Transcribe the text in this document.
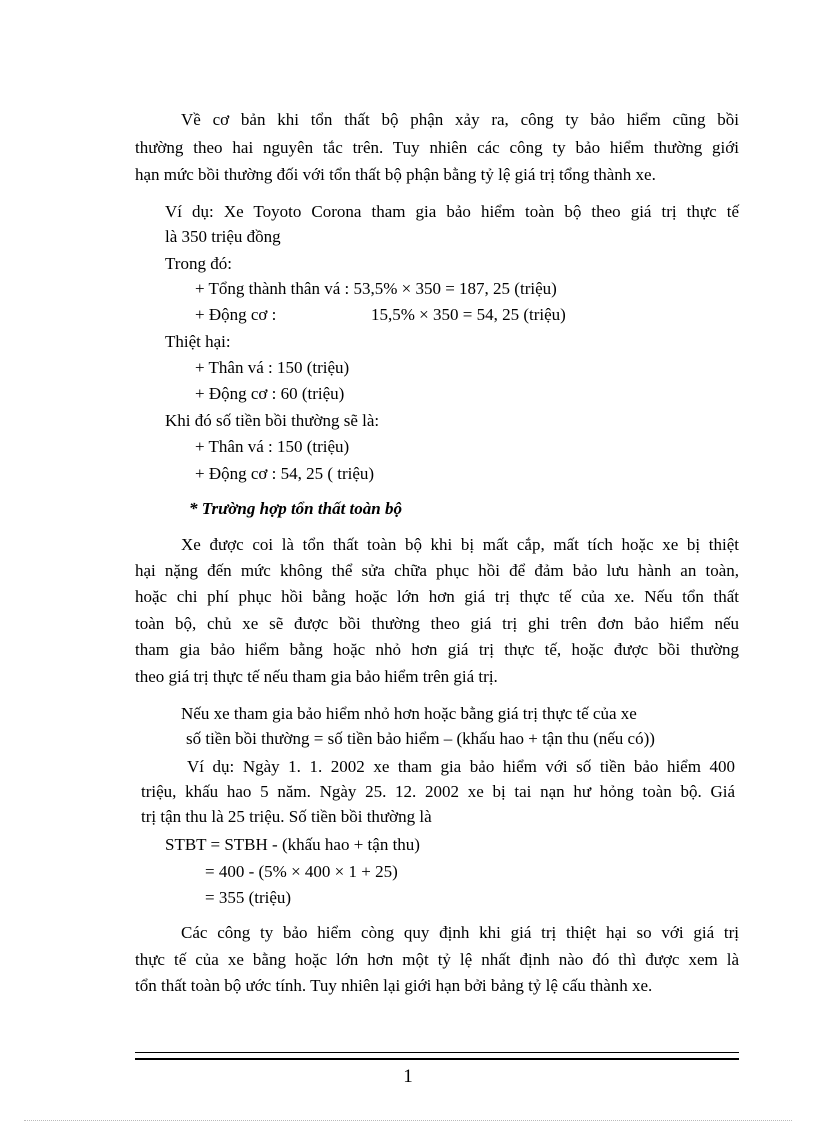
Về cơ bản khi tổn thất bộ phận xảy ra, công ty bảo hiểm cũng bồi
thường theo hai nguyên tắc trên. Tuy nhiên các công ty bảo hiểm thường giới
hạn mức bồi thường đối với tổn thất bộ phận bằng tỷ lệ giá trị tổng thành xe.
Ví dụ: Xe Toyoto Corona tham gia bảo hiểm toàn bộ theo giá trị thực tế
là 350 triệu đồng
Trong đó:
+ Tổng thành thân vá : 53,5% × 350 = 187, 25 (triệu)
+ Động cơ :	15,5% × 350 = 54, 25 (triệu)
Thiệt hại:
+ Thân vá : 150 (triệu)
+ Động cơ : 60 (triệu)
Khi đó số tiền bồi thường sẽ là:
+ Thân vá : 150 (triệu)
+ Động cơ : 54, 25 ( triệu)
* Trường hợp tổn thất toàn bộ
Xe được coi là tổn thất toàn bộ khi bị mất cắp, mất tích hoặc xe bị thiệt
hại nặng đến mức không thể sửa chữa phục hồi để đảm bảo lưu hành an toàn,
hoặc chi phí phục hồi bằng hoặc lớn hơn giá trị thực tế của xe. Nếu tổn thất
toàn bộ, chủ xe sẽ được bồi thường theo giá trị ghi trên đơn bảo hiểm nếu
tham gia bảo hiểm bằng hoặc nhỏ hơn giá trị thực tế, hoặc được bồi thường
theo giá trị thực tế nếu tham gia bảo hiểm trên giá trị.
Nếu xe tham gia bảo hiểm nhỏ hơn hoặc bằng giá trị thực tế của xe
số tiền bồi thường = số tiền bảo hiểm – (khấu hao + tận thu (nếu có))
Ví dụ: Ngày 1. 1. 2002 xe tham gia bảo hiểm với số tiền bảo hiểm 400
triệu, khấu hao 5 năm. Ngày 25. 12. 2002 xe bị tai nạn hư hỏng toàn bộ. Giá
trị tận thu là 25 triệu. Số tiền bồi thường là
STBT = STBH - (khấu hao + tận thu)
= 400 - (5% × 400 × 1 + 25)
= 355 (triệu)
Các công ty bảo hiểm còng quy định khi giá trị thiệt hại so với giá trị
thực tế của xe bằng hoặc lớn hơn một tỷ lệ nhất định nào đó thì được xem là
tổn thất toàn bộ ước tính. Tuy nhiên lại giới hạn bởi bảng tỷ lệ cấu thành xe.
1
